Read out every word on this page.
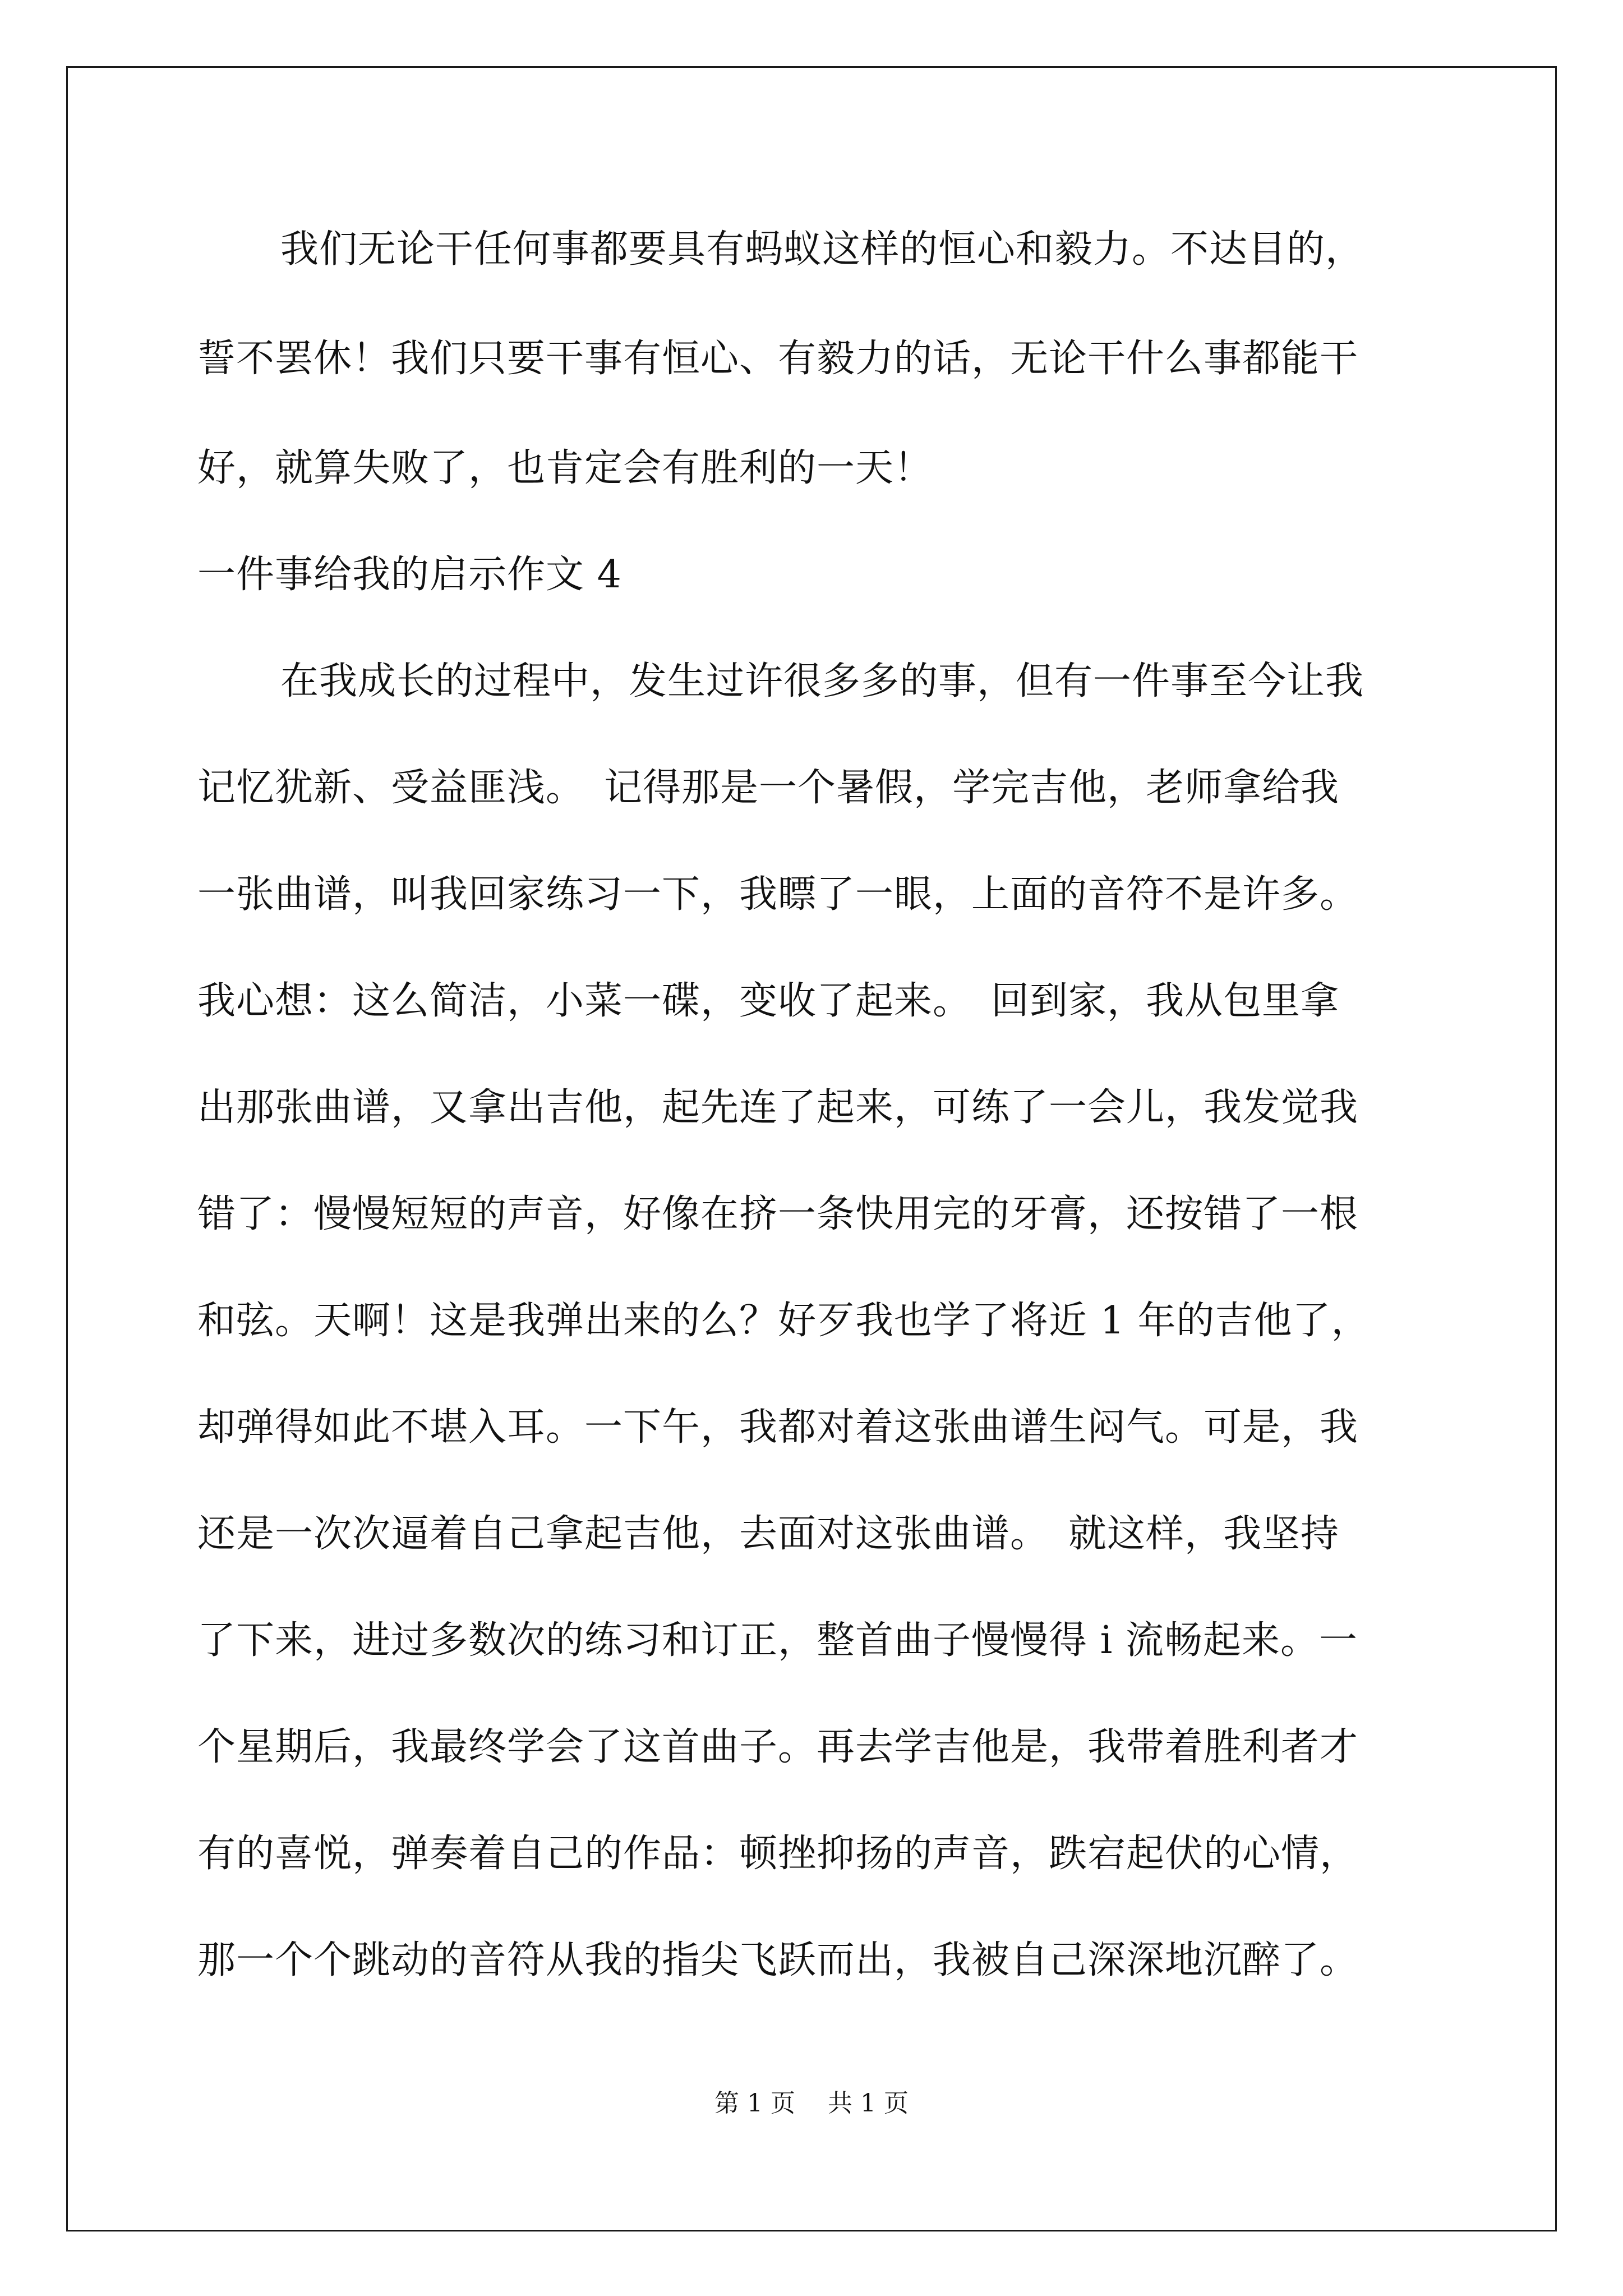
我们无论干任何事都要具有蚂蚁这样的恒心和毅力。不达目的，
誓不罢休！我们只要干事有恒心、有毅力的话，无论干什么事都能干
好，就算失败了，也肯定会有胜利的一天！
一件事给我的启示作文 4
在我成长的过程中，发生过许很多多的事，但有一件事至今让我
记忆犹新、受益匪浅。　记得那是一个暑假，学完吉他，老师拿给我
一张曲谱，叫我回家练习一下，我瞟了一眼，上面的音符不是许多。
我心想：这么简洁，小菜一碟，变收了起来。　回到家，我从包里拿
出那张曲谱，又拿出吉他，起先连了起来，可练了一会儿，我发觉我
错了：慢慢短短的声音，好像在挤一条快用完的牙膏，还按错了一根
和弦。天啊！这是我弹出来的么？好歹我也学了将近 1 年的吉他了，
却弹得如此不堪入耳。一下午，我都对着这张曲谱生闷气。可是，我
还是一次次逼着自己拿起吉他，去面对这张曲谱。　就这样，我坚持
了下来，进过多数次的练习和订正，整首曲子慢慢得 i 流畅起来。一
个星期后，我最终学会了这首曲子。再去学吉他是，我带着胜利者才
有的喜悦，弹奏着自己的作品：顿挫抑扬的声音，跌宕起伏的心情，
那一个个跳动的音符从我的指尖飞跃而出，我被自己深深地沉醉了。
第 1 页　 共 1 页
